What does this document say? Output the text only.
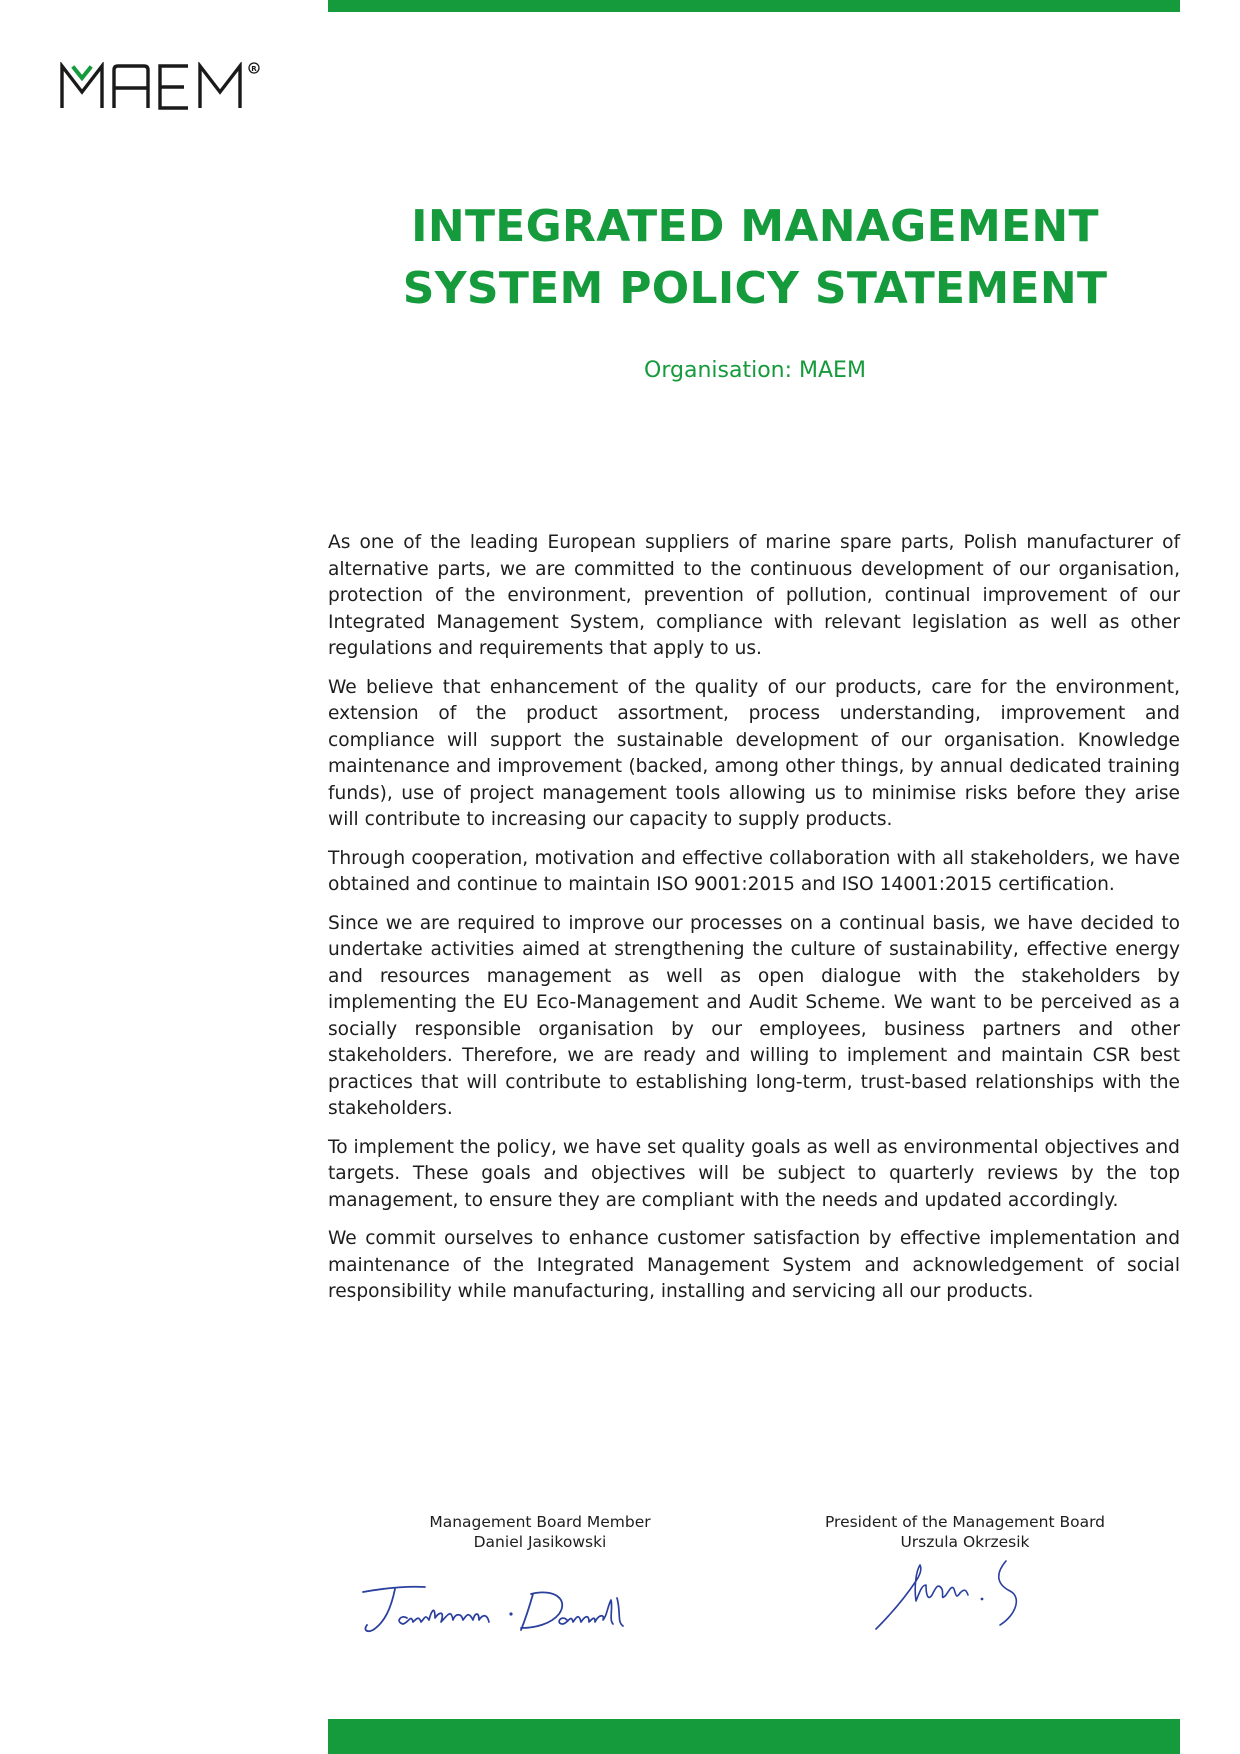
R
INTEGRATED MANAGEMENT
SYSTEM POLICY STATEMENT
Organisation: MAEM

As one of the leading European suppliers of marine spare parts, Polish manufacturer of alternative parts, we are committed to the continuous development of our organisation, protection of the environment, prevention of pollution, continual improvement of our Integrated Management System, compliance with relevant legislation as well as other regulations and requirements that apply to us.

We believe that enhancement of the quality of our products, care for the environment, extension of the product assortment, process understanding, improvement and compliance will support the sustainable development of our organisation. Knowledge maintenance and improvement (backed, among other things, by annual dedicated training funds), use of project management tools allowing us to minimise risks before they arise will contribute to increasing our capacity to supply products.

Through cooperation, motivation and effective collaboration with all stakeholders, we have obtained and continue to maintain ISO 9001:2015 and ISO 14001:2015 certification.

Since we are required to improve our processes on a continual basis, we have decided to undertake activities aimed at strengthening the culture of sustainability, effective energy and resources management as well as open dialogue with the stakeholders by implementing the EU Eco-Management and Audit Scheme. We want to be perceived as a socially responsible organisation by our employees, business partners and other stakeholders. Therefore, we are ready and willing to implement and maintain CSR best practices that will contribute to establishing long-term, trust-based relationships with the stakeholders.

To implement the policy, we have set quality goals as well as environmental objectives and targets. These goals and objectives will be subject to quarterly reviews by the top management, to ensure they are compliant with the needs and updated accordingly.

We commit ourselves to enhance customer satisfaction by effective implementation and maintenance of the Integrated Management System and acknowledgement of social responsibility while manufacturing, installing and servicing all our products.

Management Board Member
Daniel Jasikowski
President of the Management Board
Urszula Okrzesik
